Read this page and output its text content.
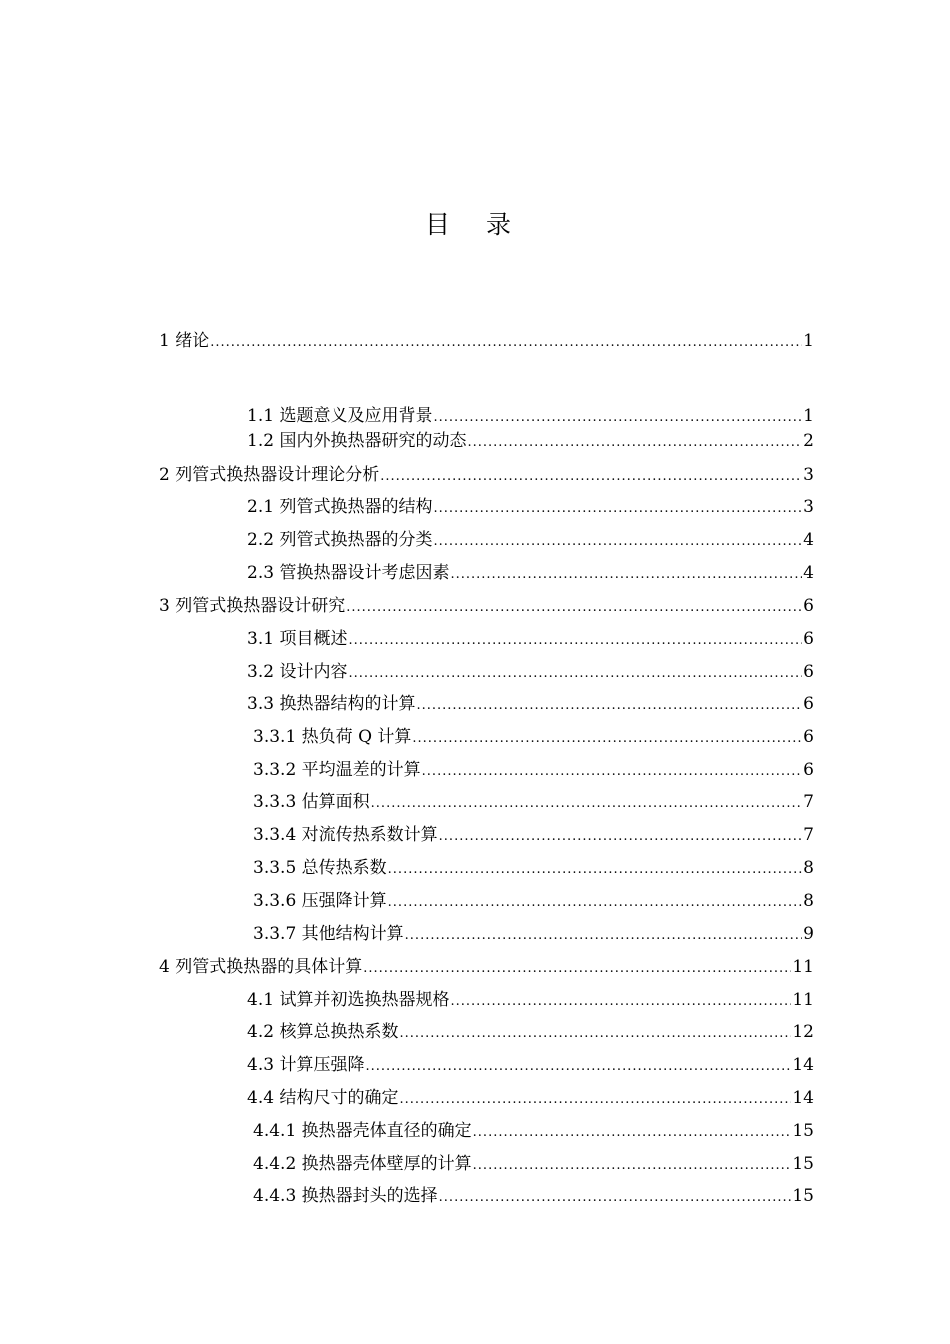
目 录
1 绪论 .....	1
1.1 选题意义及应用背景 .....	1
1.2 国内外换热器研究的动态 .....	2
2 列管式换热器设计理论分析 .....	3
2.1 列管式换热器的结构 .....	3
2.2 列管式换热器的分类 .....	4
2.3 管换热器设计考虑因素 .....	4
3 列管式换热器设计研究 .....	6
3.1 项目概述 .....	6
3.2 设计内容 .....	6
3.3 换热器结构的计算 .....	6
3.3.1 热负荷 Q 计算 .....	6
3.3.2 平均温差的计算 .....	6
3.3.3 估算面积 .....	7
3.3.4 对流传热系数计算 .....	7
3.3.5 总传热系数 .....	8
3.3.6 压强降计算 .....	8
3.3.7 其他结构计算 .....	9
4 列管式换热器的具体计算 .....	11
4.1 试算并初选换热器规格 .....	11
4.2 核算总换热系数 .....	12
4.3 计算压强降 .....	14
4.4 结构尺寸的确定 .....	14
4.4.1 换热器壳体直径的确定 .....	15
4.4.2 换热器壳体壁厚的计算 .....	15
4.4.3 换热器封头的选择 .....	15
